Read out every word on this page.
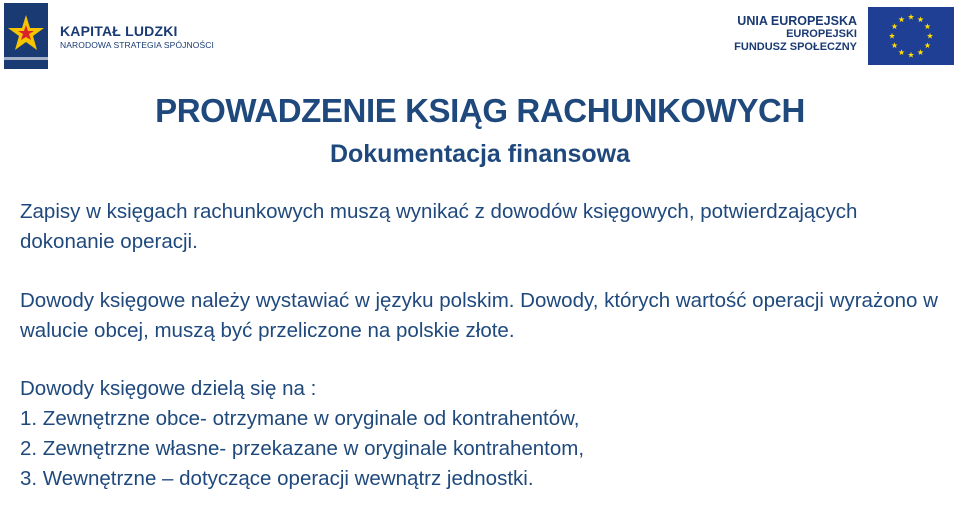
KAPITAŁ LUDZKI
NARODOWA STRATEGIA SPÓJNOŚCI
UNIA EUROPEJSKA
EUROPEJSKI
FUNDUSZ SPOŁECZNY
PROWADZENIE KSIĄG RACHUNKOWYCH
Dokumentacja finansowa

Zapisy w księgach rachunkowych muszą wynikać z dowodów księgowych, potwierdzających dokonanie operacji.

Dowody księgowe należy wystawiać w języku polskim. Dowody, których wartość operacji wyrażono w walucie obcej, muszą być przeliczone na polskie złote.

Dowody księgowe dzielą się na :

1. Zewnętrzne obce- otrzymane w oryginale od kontrahentów,
2. Zewnętrzne własne- przekazane w oryginale kontrahentom,
3. Wewnętrzne – dotyczące operacji wewnątrz jednostki.
